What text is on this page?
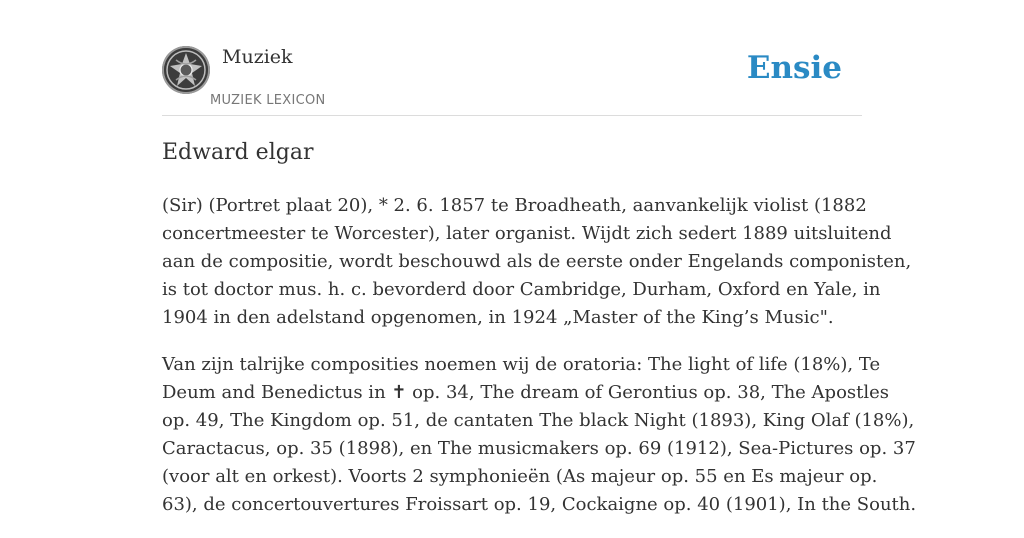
Muziek
MUZIEK LEXICON
Ensie
Edward elgar

(Sir) (Portret plaat 20), * 2. 6. 1857 te Broadheath, aanvankelijk violist (1882
concertmeester te Worcester), later organist. Wijdt zich sedert 1889 uitsluitend
aan de compositie, wordt beschouwd als de eerste onder Engelands componisten,
is tot doctor mus. h. c. bevorderd door Cambridge, Durham, Oxford en Yale, in
1904 in den adelstand opgenomen, in 1924 „Master of the King’s Music".

Van zijn talrijke composities noemen wij de oratoria: The light of life (18%), Te
Deum and Benedictus in ✝ op. 34, The dream of Gerontius op. 38, The Apostles
op. 49, The Kingdom op. 51, de cantaten The black Night (1893), King Olaf (18%),
Caractacus, op. 35 (1898), en The musicmakers op. 69 (1912), Sea-Pictures op. 37
(voor alt en orkest). Voorts 2 symphonieën (As majeur op. 55 en Es majeur op.
63), de concertouvertures Froissart op. 19, Cockaigne op. 40 (1901), In the South.
